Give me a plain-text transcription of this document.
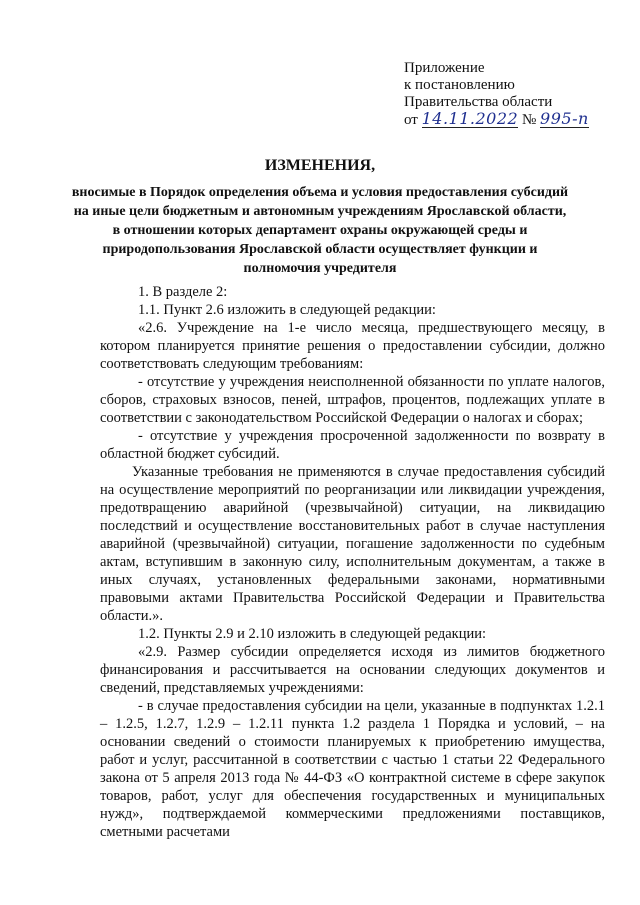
Приложение
к постановлению
Правительства области
от 14.11.2022 № 995-п
ИЗМЕНЕНИЯ,
вносимые в Порядок определения объема и условия предоставления субсидий на иные цели бюджетным и автономным учреждениям Ярославской области, в отношении которых департамент охраны окружающей среды и природопользования Ярославской области осуществляет функции и полномочия учредителя

1. В разделе 2:

1.1. Пункт 2.6 изложить в следующей редакции:

«2.6. Учреждение на 1-е число месяца, предшествующего месяцу, в котором планируется принятие решения о предоставлении субсидии, должно соответствовать следующим требованиям:

- отсутствие у учреждения неисполненной обязанности по уплате налогов, сборов, страховых взносов, пеней, штрафов, процентов, подлежащих уплате в соответствии с законодательством Российской Федерации о налогах и сборах;

- отсутствие у учреждения просроченной задолженности по возврату в областной бюджет субсидий.

Указанные требования не применяются в случае предоставления субсидий на осуществление мероприятий по реорганизации или ликвидации учреждения, предотвращению аварийной (чрезвычайной) ситуации, на ликвидацию последствий и осуществление восстановительных работ в случае наступления аварийной (чрезвычайной) ситуации, погашение задолженности по судебным актам, вступившим в законную силу, исполнительным документам, а также в иных случаях, установленных федеральными законами, нормативными правовыми актами Правительства Российской Федерации и Правительства области.».

1.2. Пункты 2.9 и 2.10 изложить в следующей редакции:

«2.9. Размер субсидии определяется исходя из лимитов бюджетного финансирования и рассчитывается на основании следующих документов и сведений, представляемых учреждениями:

- в случае предоставления субсидии на цели, указанные в подпунктах 1.2.1 – 1.2.5, 1.2.7, 1.2.9 – 1.2.11 пункта 1.2 раздела 1 Порядка и условий, – на основании сведений о стоимости планируемых к приобретению имущества, работ и услуг, рассчитанной в соответствии с частью 1 статьи 22 Федерального закона от 5 апреля 2013 года № 44-ФЗ «О контрактной системе в сфере закупок товаров, работ, услуг для обеспечения государственных и муниципальных нужд», подтверждаемой коммерческими предложениями поставщиков, сметными расчетами
